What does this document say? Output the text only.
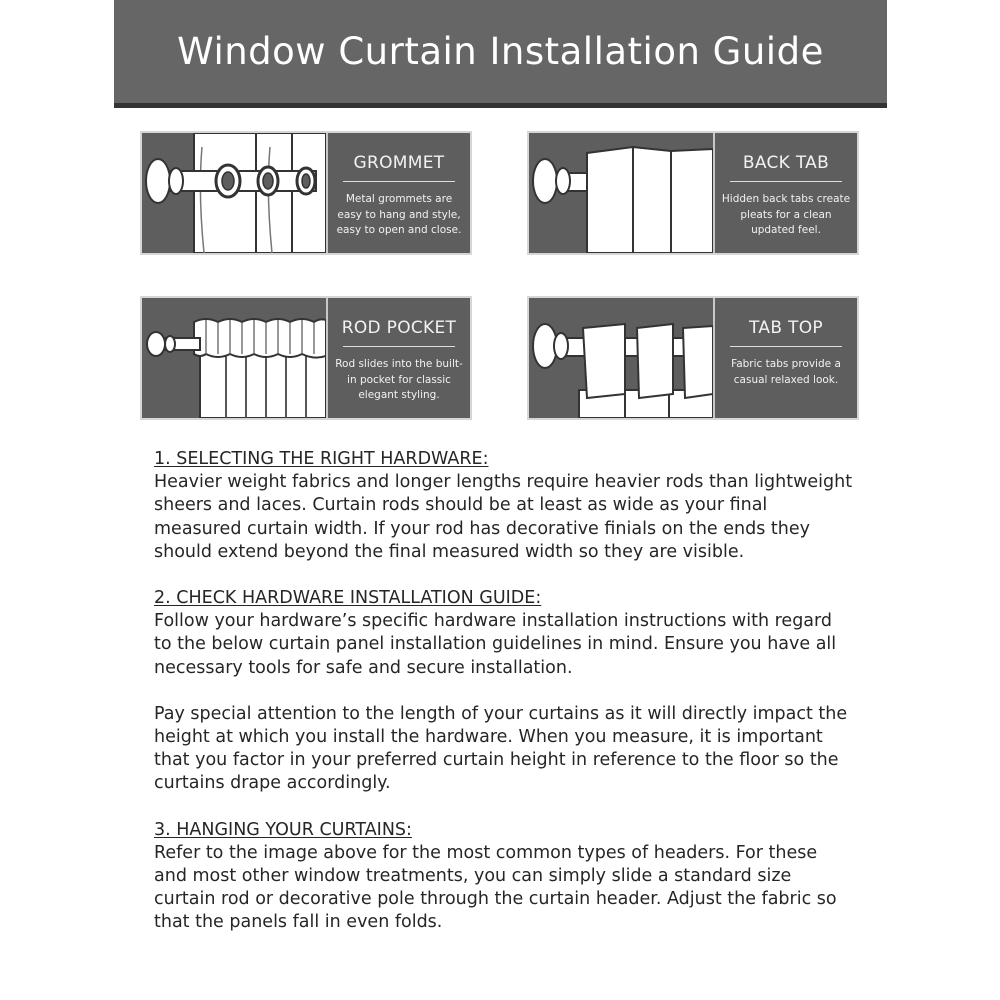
Window Curtain Installation Guide
GROMMET
Metal grommets are easy to hang and style, easy to open and close.
BACK TAB
Hidden back tabs create pleats for a clean updated feel.
ROD POCKET
Rod slides into the built-in pocket for classic elegant styling.
TAB TOP
Fabric tabs provide a casual relaxed look.
1. SELECTING THE RIGHT HARDWARE:

Heavier weight fabrics and longer lengths require heavier rods than lightweight sheers and laces. Curtain rods should be at least as wide as your final measured curtain width. If your rod has decorative finials on the ends they should extend beyond the final measured width so they are visible.

2. CHECK HARDWARE INSTALLATION GUIDE:

Follow your hardware’s specific hardware installation instructions with regard to the below curtain panel installation guidelines in mind. Ensure you have all necessary tools for safe and secure installation.

Pay special attention to the length of your curtains as it will directly impact the height at which you install the hardware. When you measure, it is important that you factor in your preferred curtain height in reference to the floor so the curtains drape accordingly.

3. HANGING YOUR CURTAINS:

Refer to the image above for the most common types of headers. For these and most other window treatments, you can simply slide a standard size curtain rod or decorative pole through the curtain header. Adjust the fabric so that the panels fall in even folds.
